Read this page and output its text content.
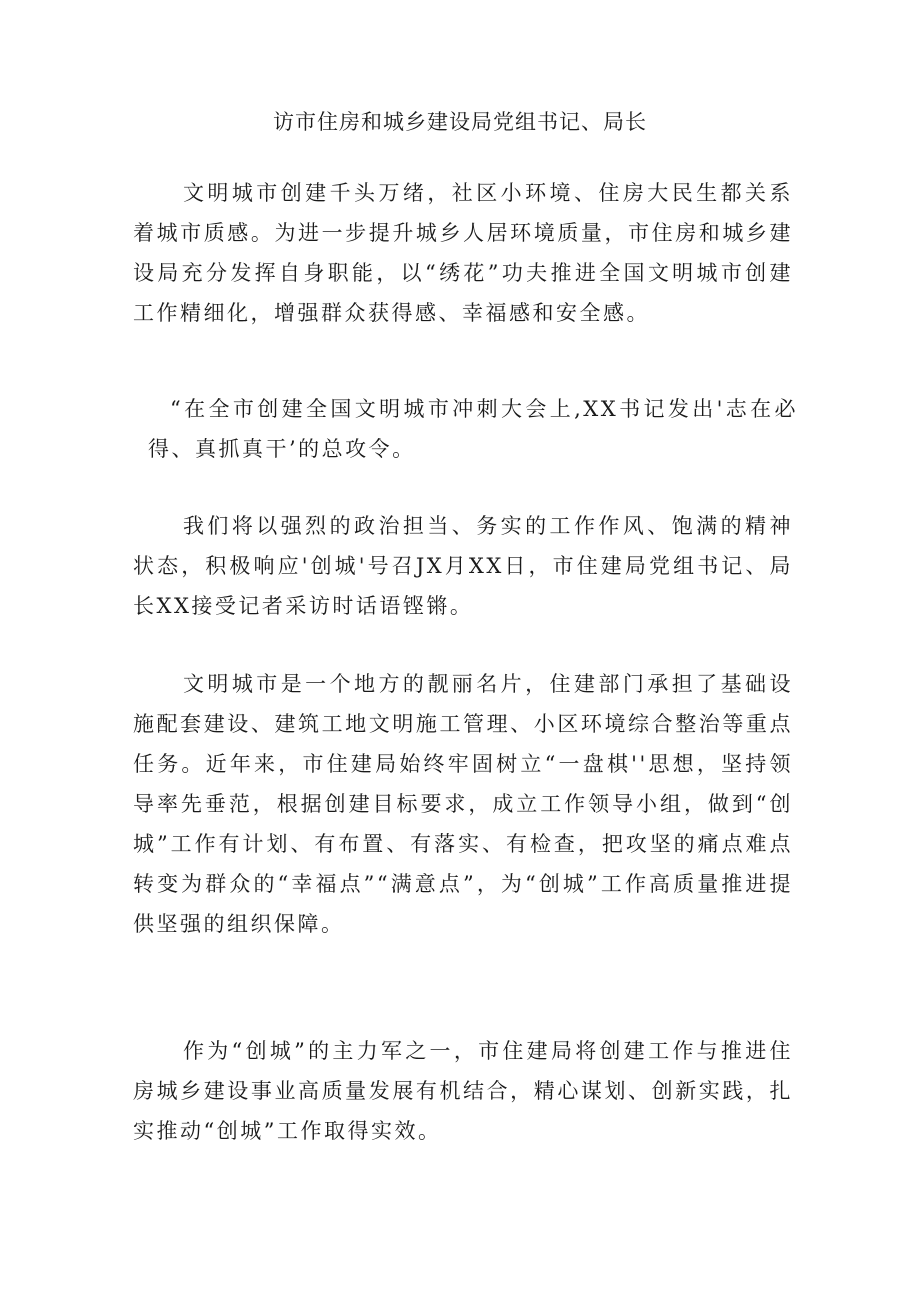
访市住房和城乡建设局党组书记、局长

文明城市创建千头万绪，社区小环境、住房大民生都关系着城市质感。为进一步提升城乡人居环境质量，市住房和城乡建设局充分发挥自身职能，以“绣花”功夫推进全国文明城市创建工作精细化，增强群众获得感、幸福感和安全感。

“在全市创建全国文明城市冲刺大会上,XX书记发出'志在必得、真抓真干’的总攻令。

我们将以强烈的政治担当、务实的工作作风、饱满的精神状态，积极响应'创城'号召JX月XX日，市住建局党组书记、局长XX接受记者采访时话语铿锵。

文明城市是一个地方的靓丽名片，住建部门承担了基础设施配套建设、建筑工地文明施工管理、小区环境综合整治等重点任务。近年来，市住建局始终牢固树立“一盘棋''思想，坚持领导率先垂范，根据创建目标要求，成立工作领导小组，做到“创城”工作有计划、有布置、有落实、有检查，把攻坚的痛点难点转变为群众的“幸福点”“满意点”，为“创城”工作高质量推进提供坚强的组织保障。

作为“创城”的主力军之一，市住建局将创建工作与推进住房城乡建设事业高质量发展有机结合，精心谋划、创新实践，扎实推动“创城”工作取得实效。
